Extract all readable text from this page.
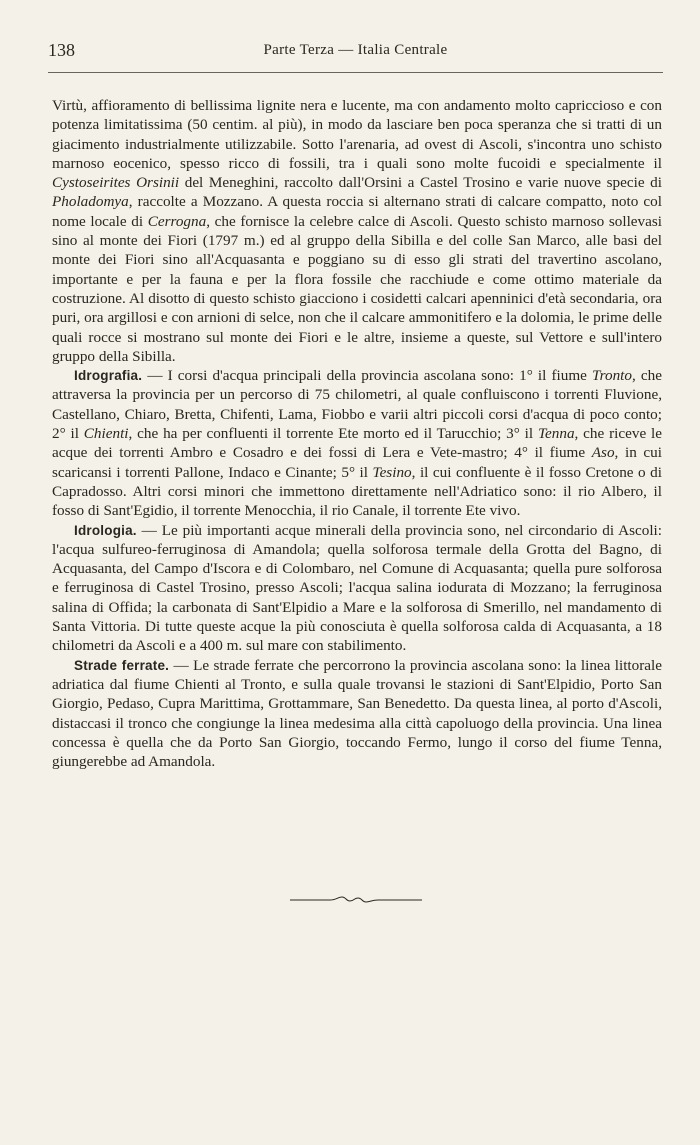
138	Parte Terza — Italia Centrale

Virtù, affioramento di bellissima lignite nera e lucente, ma con andamento molto capriccioso e con potenza limitatissima (50 centim. al più), in modo da lasciare ben poca speranza che si tratti di un giacimento industrialmente utilizzabile. Sotto l'arenaria, ad ovest di Ascoli, s'incontra uno schisto marnoso eocenico, spesso ricco di fossili, tra i quali sono molte fucoidi e specialmente il Cystoseirites Orsinii del Meneghini, raccolto dall'Orsini a Castel Trosino e varie nuove specie di Pholadomya, raccolte a Mozzano. A questa roccia si alternano strati di calcare compatto, noto col nome locale di Cerrogna, che fornisce la celebre calce di Ascoli. Questo schisto marnoso sollevasi sino al monte dei Fiori (1797 m.) ed al gruppo della Sibilla e del colle San Marco, alle basi del monte dei Fiori sino all'Acquasanta e poggiano su di esso gli strati del travertino ascolano, importante e per la fauna e per la flora fossile che racchiude e come ottimo materiale da costruzione. Al disotto di questo schisto giacciono i cosidetti calcari apenninici d'età secondaria, ora puri, ora argillosi e con arnioni di selce, non che il calcare ammonitifero e la dolomia, le prime delle quali rocce si mostrano sul monte dei Fiori e le altre, insieme a queste, sul Vettore e sull'intero gruppo della Sibilla.

Idrografia. — I corsi d'acqua principali della provincia ascolana sono: 1° il fiume Tronto, che attraversa la provincia per un percorso di 75 chilometri, al quale confluiscono i torrenti Fluvione, Castellano, Chiaro, Bretta, Chifenti, Lama, Fiobbo e varii altri piccoli corsi d'acqua di poco conto; 2° il Chienti, che ha per confluenti il torrente Ete morto ed il Tarucchio; 3° il Tenna, che riceve le acque dei torrenti Ambro e Cosadro e dei fossi di Lera e Vete-mastro; 4° il fiume Aso, in cui scaricansi i torrenti Pallone, Indaco e Cinante; 5° il Tesino, il cui confluente è il fosso Cretone o di Capradosso. Altri corsi minori che immettono direttamente nell'Adriatico sono: il rio Albero, il fosso di Sant'Egidio, il torrente Menocchia, il rio Canale, il torrente Ete vivo.

Idrologia. — Le più importanti acque minerali della provincia sono, nel circondario di Ascoli: l'acqua sulfureo-ferruginosa di Amandola; quella solforosa termale della Grotta del Bagno, di Acquasanta, del Campo d'Iscora e di Colombaro, nel Comune di Acquasanta; quella pure solforosa e ferruginosa di Castel Trosino, presso Ascoli; l'acqua salina iodurata di Mozzano; la ferruginosa salina di Offida; la carbonata di Sant'Elpidio a Mare e la solforosa di Smerillo, nel mandamento di Santa Vittoria. Di tutte queste acque la più conosciuta è quella solforosa calda di Acquasanta, a 18 chilometri da Ascoli e a 400 m. sul mare con stabilimento.

Strade ferrate. — Le strade ferrate che percorrono la provincia ascolana sono: la linea littorale adriatica dal fiume Chienti al Tronto, e sulla quale trovansi le stazioni di Sant'Elpidio, Porto San Giorgio, Pedaso, Cupra Marittima, Grottammare, San Benedetto. Da questa linea, al porto d'Ascoli, distaccasi il tronco che congiunge la linea medesima alla città capoluogo della provincia. Una linea concessa è quella che da Porto San Giorgio, toccando Fermo, lungo il corso del fiume Tenna, giungerebbe ad Amandola.
